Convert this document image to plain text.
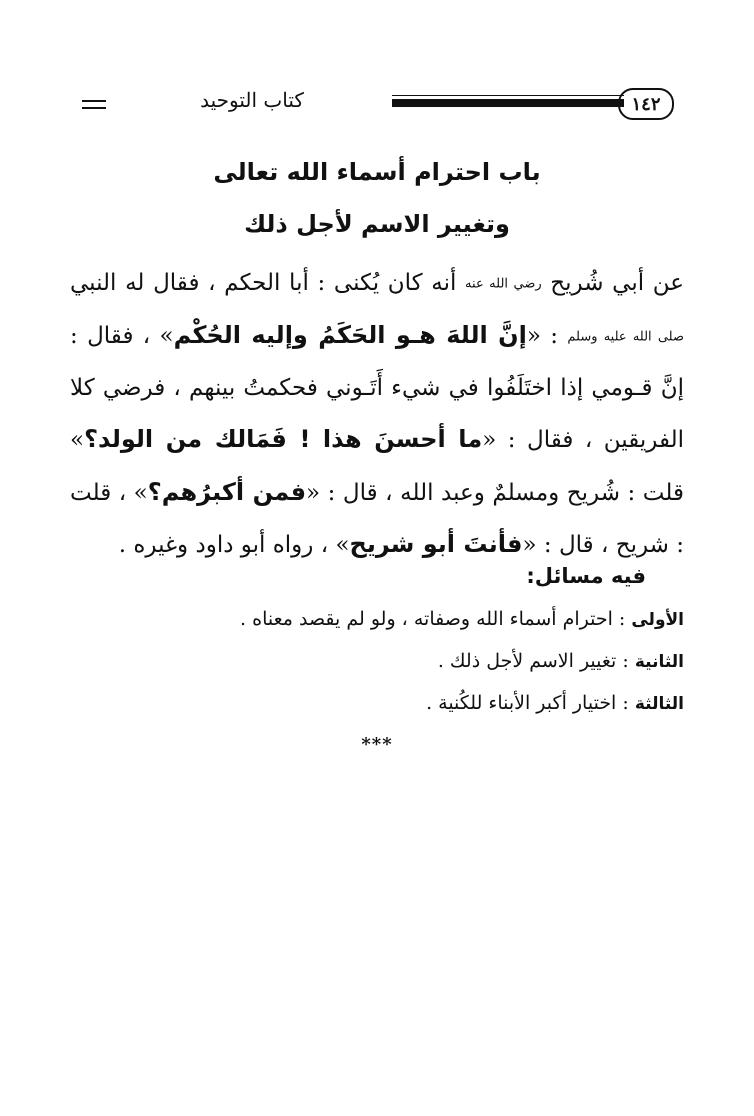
١٤٢
كتاب التوحيد
باب احترام أسماء الله تعالى
وتغيير الاسم لأجل ذلك
عن أبي شُريح رضي الله عنه أنه كان يُكنى : أبا الحكم ، فقال له النبي صلى الله عليه وسلم : «إنَّ اللهَ هـو الحَكَمُ وإليه الحُكْم» ، فقال : إنَّ قـومي إذا اختَلَفُوا في شيء أَتَـوني فحكمتُ بينهم ، فرضي كلا الفريقين ، فقال : «ما أحسنَ هذا ! فَمَالك من الولد؟» قلت : شُريح ومسلمٌ وعبد الله ، قال : «فمن أكبرُهم؟» ، قلت : شريح ، قال : «فأنتَ أبو شريح» ، رواه أبو داود وغيره .
فيه مسائل:
الأولى : احترام أسماء الله وصفاته ، ولو لم يقصد معناه .
الثانية : تغيير الاسم لأجل ذلك .
الثالثة : اختيار أكبر الأبناء للكُنية .
***
